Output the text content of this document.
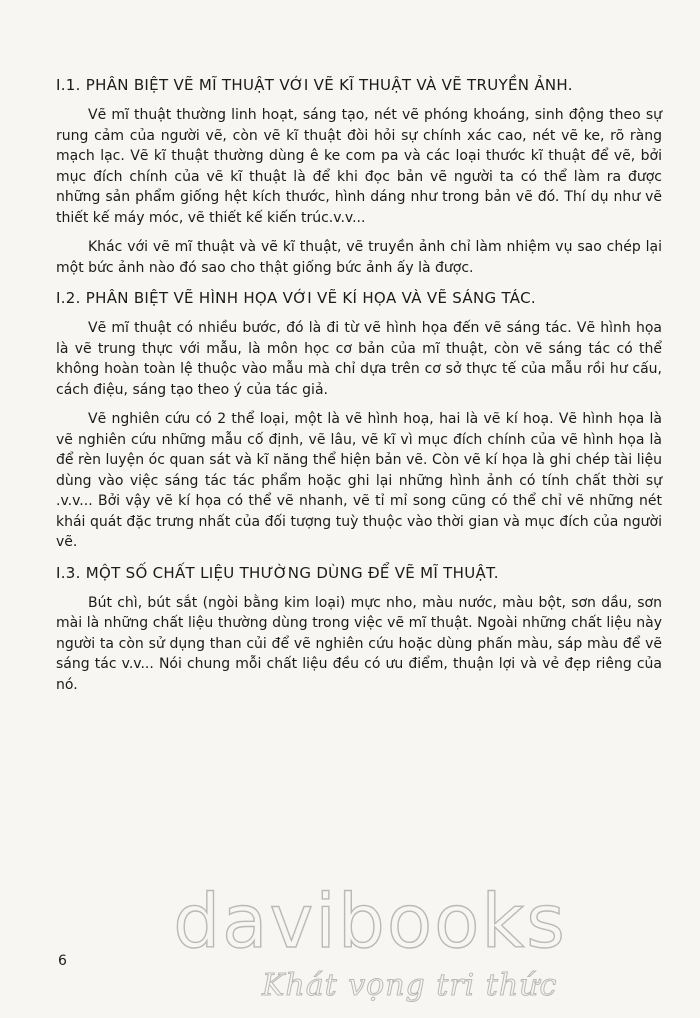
I.1. PHÂN BIỆT VẼ MĨ THUẬT VỚI VẼ KĨ THUẬT VÀ VẼ TRUYỀN ẢNH.

Vẽ mĩ thuật thường linh hoạt, sáng tạo, nét vẽ phóng khoáng, sinh động theo sự rung cảm của người vẽ, còn vẽ kĩ thuật đòi hỏi sự chính xác cao, nét vẽ ke, rõ ràng mạch lạc. Vẽ kĩ thuật thường dùng ê ke com pa và các loại thước kĩ thuật để vẽ, bởi mục đích chính của vẽ kĩ thuật là để khi đọc bản vẽ người ta có thể làm ra được những sản phẩm giống hệt kích thước, hình dáng như trong bản vẽ đó. Thí dụ như vẽ thiết kế máy móc, vẽ thiết kế kiến trúc.v.v...

Khác với vẽ mĩ thuật và vẽ kĩ thuật, vẽ truyền ảnh chỉ làm nhiệm vụ sao chép lại một bức ảnh nào đó sao cho thật giống bức ảnh ấy là được.

I.2. PHÂN BIỆT VẼ HÌNH HỌA VỚI VẼ KÍ HỌA VÀ VẼ SÁNG TÁC.

Vẽ mĩ thuật có nhiều bước, đó là đi từ vẽ hình họa đến vẽ sáng tác. Vẽ hình họa là vẽ trung thực với mẫu, là môn học cơ bản của mĩ thuật, còn vẽ sáng tác có thể không hoàn toàn lệ thuộc vào mẫu mà chỉ dựa trên cơ sở thực tế của mẫu rồi hư cấu, cách điệu, sáng tạo theo ý của tác giả.

Vẽ nghiên cứu có 2 thể loại, một là vẽ hình hoạ, hai là vẽ kí hoạ. Vẽ hình họa là vẽ nghiên cứu những mẫu cố định, vẽ lâu, vẽ kĩ vì mục đích chính của vẽ hình họa là để rèn luyện óc quan sát và kĩ năng thể hiện bản vẽ. Còn vẽ kí họa là ghi chép tài liệu dùng vào việc sáng tác tác phẩm hoặc ghi lại những hình ảnh có tính chất thời sự .v.v... Bởi vậy vẽ kí họa có thể vẽ nhanh, vẽ tỉ mỉ song cũng có thể chỉ vẽ những nét khái quát đặc trưng nhất của đối tượng tuỳ thuộc vào thời gian và mục đích của người vẽ.

I.3. MỘT SỐ CHẤT LIỆU THƯỜNG DÙNG ĐỂ VẼ MĨ THUẬT.

Bút chì, bút sắt (ngòi bằng kim loại) mực nho, màu nước, màu bột, sơn dầu, sơn mài là những chất liệu thường dùng trong việc vẽ mĩ thuật. Ngoài những chất liệu này người ta còn sử dụng than củi để vẽ nghiên cứu hoặc dùng phấn màu, sáp màu để vẽ sáng tác v.v... Nói chung mỗi chất liệu đều có ưu điểm, thuận lợi và vẻ đẹp riêng của nó.

6	davibooks
Khát vọng tri thức
